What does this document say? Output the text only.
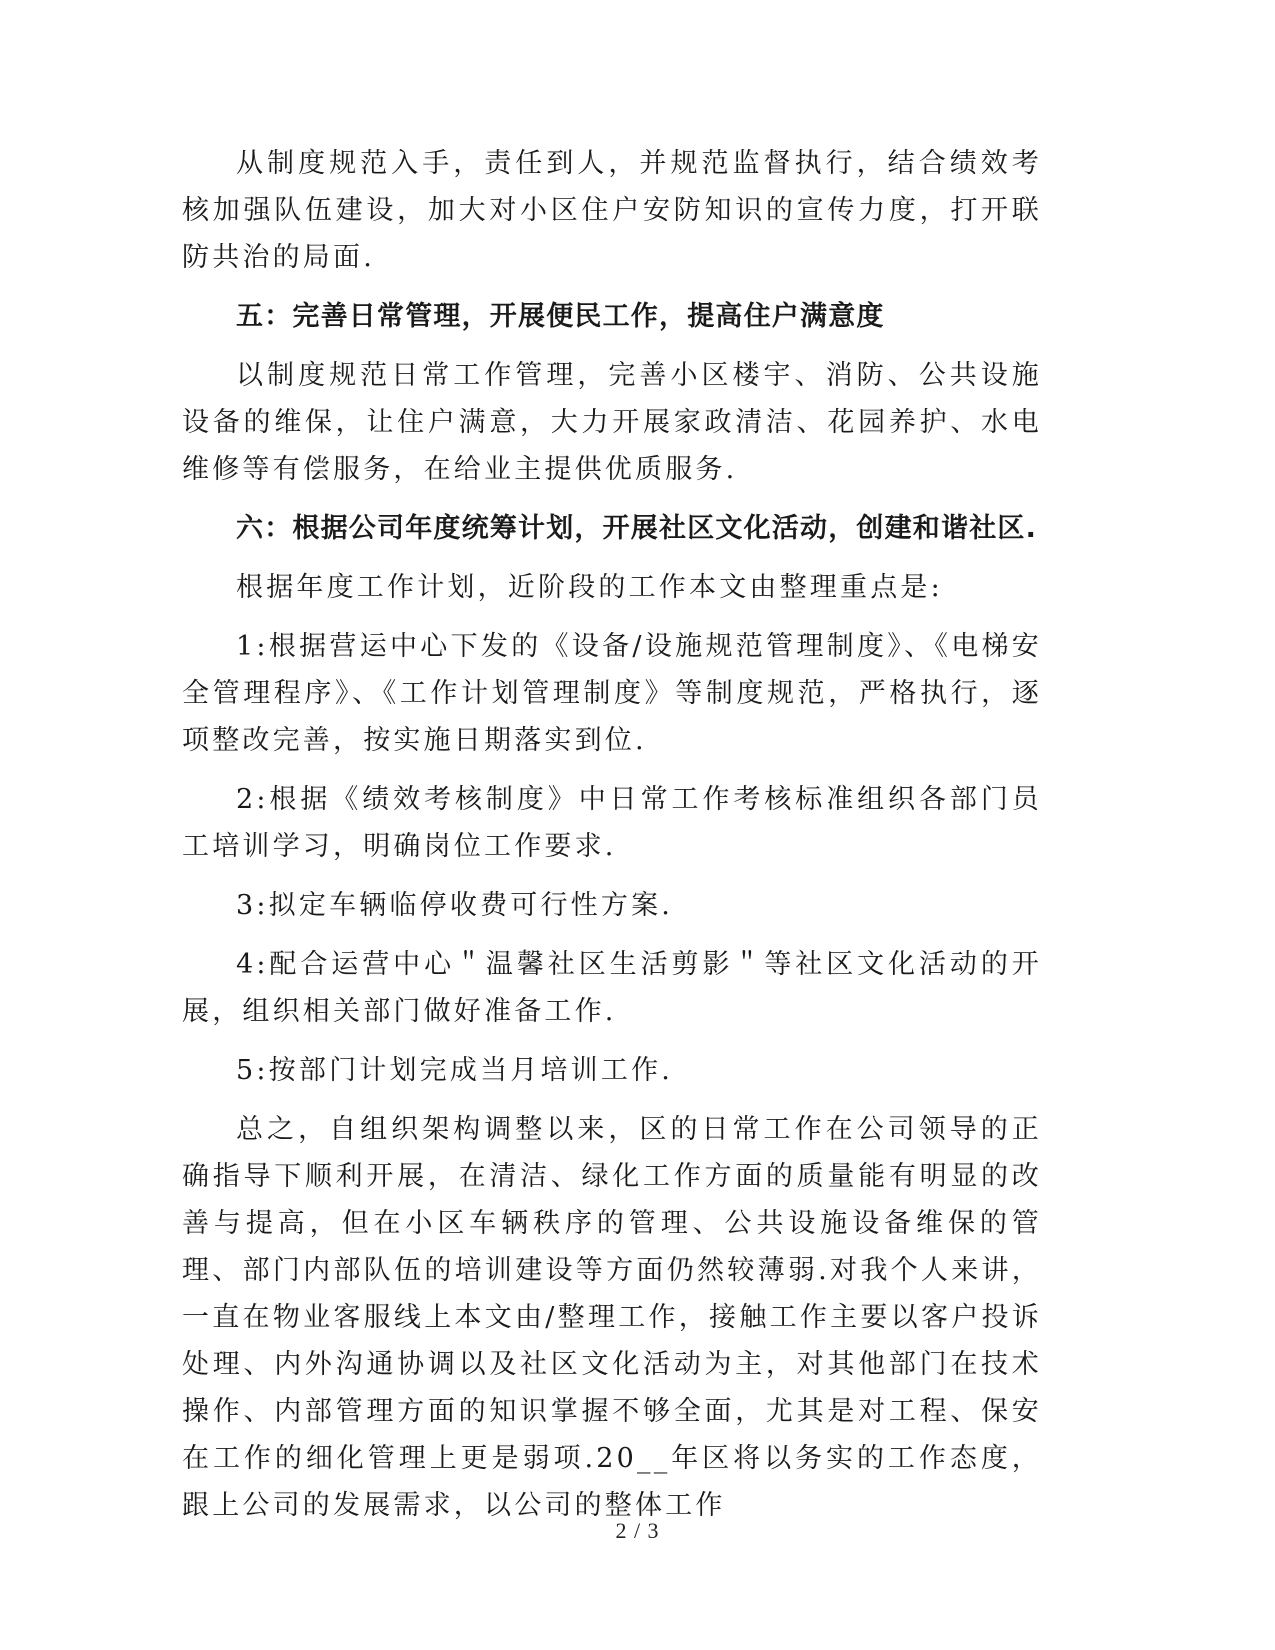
从制度规范入手，责任到人，并规范监督执行，结合绩效考核加强队伍建设，加大对小区住户安防知识的宣传力度，打开联防共治的局面.

五：完善日常管理，开展便民工作，提高住户满意度

以制度规范日常工作管理，完善小区楼宇、消防、公共设施设备的维保，让住户满意，大力开展家政清洁、花园养护、水电维修等有偿服务，在给业主提供优质服务.

六：根据公司年度统筹计划，开展社区文化活动，创建和谐社区.

根据年度工作计划，近阶段的工作本文由整理重点是:

1:根据营运中心下发的《设备/设施规范管理制度》、《电梯安全管理程序》、《工作计划管理制度》等制度规范，严格执行，逐项整改完善，按实施日期落实到位.

2:根据《绩效考核制度》中日常工作考核标准组织各部门员工培训学习，明确岗位工作要求.

3:拟定车辆临停收费可行性方案.

4:配合运营中心＂温馨社区生活剪影＂等社区文化活动的开展，组织相关部门做好准备工作.

5:按部门计划完成当月培训工作.

总之，自组织架构调整以来，区的日常工作在公司领导的正确指导下顺利开展，在清洁、绿化工作方面的质量能有明显的改善与提高，但在小区车辆秩序的管理、公共设施设备维保的管理、部门内部队伍的培训建设等方面仍然较薄弱.对我个人来讲，一直在物业客服线上本文由/整理工作，接触工作主要以客户投诉处理、内外沟通协调以及社区文化活动为主，对其他部门在技术操作、内部管理方面的知识掌握不够全面，尤其是对工程、保安在工作的细化管理上更是弱项.20__年区将以务实的工作态度，跟上公司的发展需求，以公司的整体工作

2 / 3
